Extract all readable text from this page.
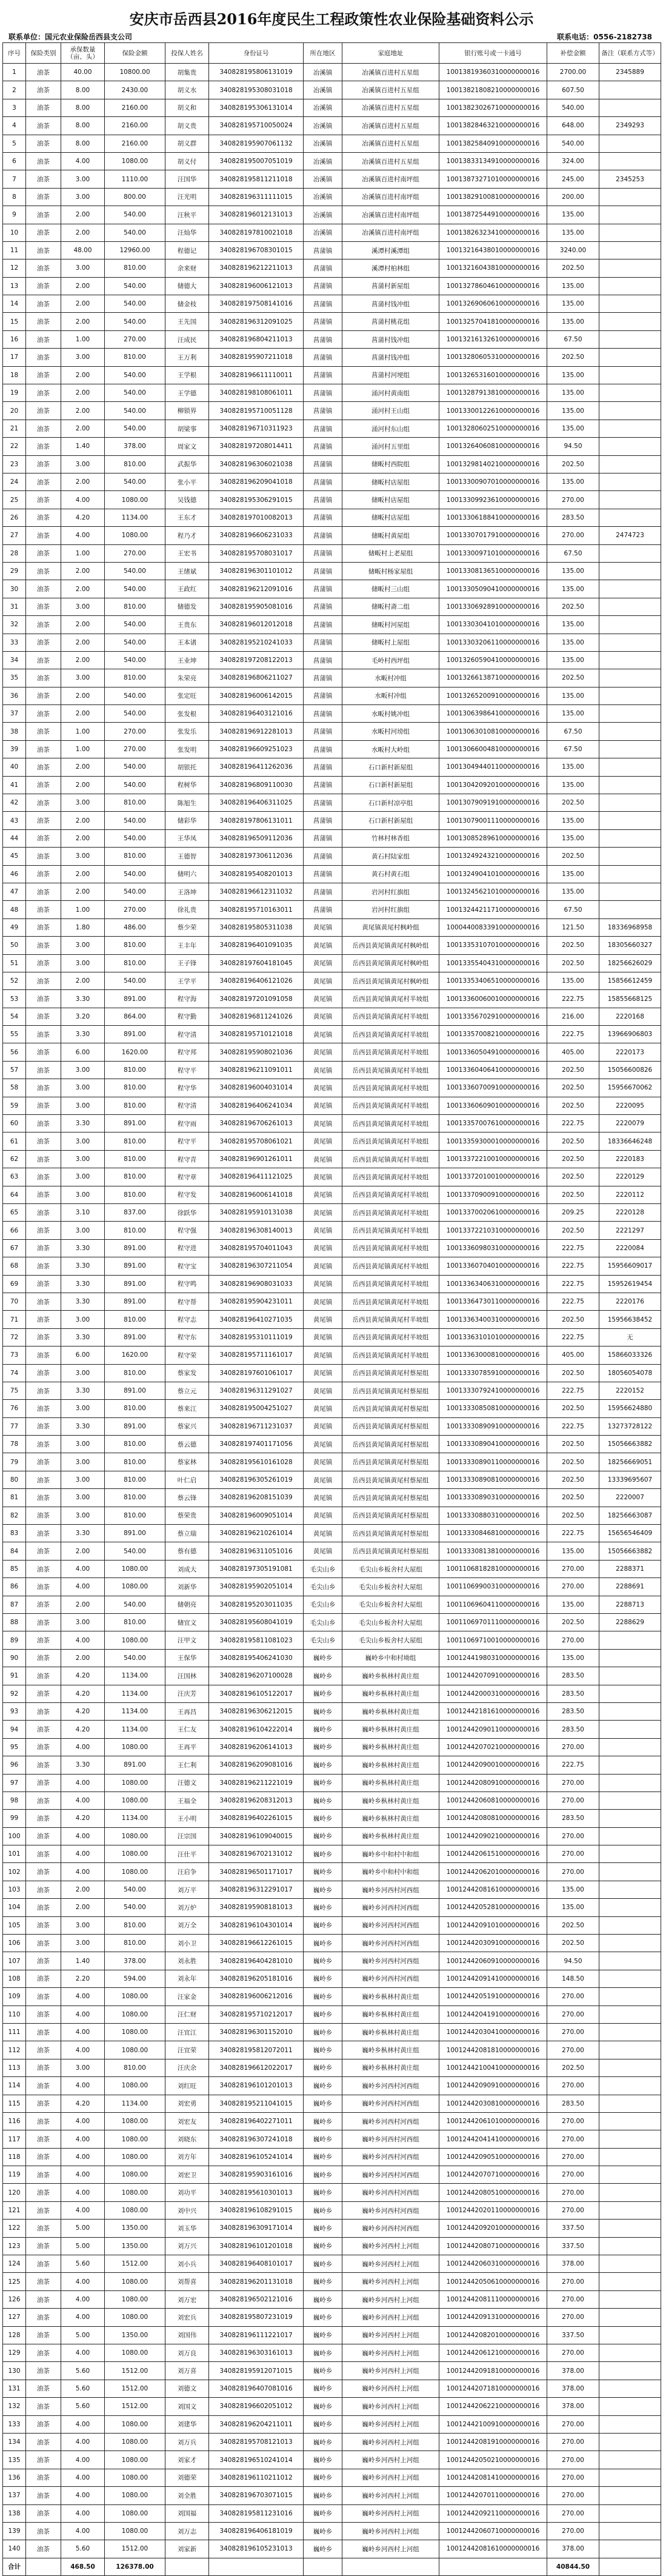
安庆市岳西县2016年度民生工程政策性农业保险基础资料公示
联系单位：国元农业保险岳西县支公司	联系电话：0556-2182738
序号	保险类别	承保数量（亩、头）	保险金额	投保人姓名	身份证号	所在地区	家庭地址	银行账号或一卡通号	补偿金额	备注（联系方式等）
1	油茶	40.00	10800.00	胡集贵	340828195806131019	冶溪镇	冶溪镇百进村五星组	10013819360310000000016	2700.00	2345889
2	油茶	8.00	2430.00	胡义水	340828195308031018	冶溪镇	冶溪镇百进村五星组	10013821808210000000016	607.50	
3	油茶	8.00	2160.00	胡义和	340828195306131014	冶溪镇	冶溪镇百进村五星组	10013823026710000000016	540.00	
4	油茶	8.00	2160.00	胡义贵	340828195710050024	冶溪镇	冶溪镇百进村五星组	10013828463210000000016	648.00	2349293
5	油茶	8.00	2160.00	胡义群	340828195907061132	冶溪镇	冶溪镇百进村五星组	10013825840910000000016	540.00	
6	油茶	4.00	1080.00	胡义付	340828195007051019	冶溪镇	冶溪镇百进村五星组	10013833134910000000016	324.00	
7	油茶	3.00	1110.00	汪国华	340828195811211018	冶溪镇	冶溪镇百进村南坪组	10013873271010000000016	245.00	2345253
8	油茶	3.00	800.00	汪光明	340828196311111015	冶溪镇	冶溪镇百进村南坪组	10013829100810000000016	200.00	
9	油茶	2.00	540.00	汪秋平	340828196012131013	冶溪镇	冶溪镇百进村南坪组	10013872544910000000016	135.00	
10	油茶	2.00	540.00	汪灿华	340828197810021018	冶溪镇	冶溪镇百进村南坪组	10013826323410000000016	135.00	
11	油茶	48.00	12960.00	程德记	340828196708301015	菖蒲镇	溪潭村溪潭组	10013216438010000000016	3240.00	
12	油茶	3.00	810.00	余来财	340828196212211013	菖蒲镇	溪潭村柏林组	10013216043810000000016	202.50	
13	油茶	2.00	540.00	储德大	340828196006121013	菖蒲镇	菖蒲村新屋组	10013278604610000000016	135.00	
14	油茶	2.00	540.00	储金枝	340828197508141016	菖蒲镇	菖蒲村钱冲组	10013269060610000000016	135.00	
15	油茶	2.00	540.00	王先国	340828196312091025	菖蒲镇	菖蒲村桃花组	10013257041810000000016	135.00	
16	油茶	1.00	270.00	汪成民	340828196804211013	菖蒲镇	菖蒲村钱冲组	10013216132610000000016	67.50	
17	油茶	3.00	810.00	王万利	340828195907211018	菖蒲镇	菖蒲村钱冲组	10013280605310000000016	202.50	
18	油茶	2.00	540.00	王学根	340828196611110011	菖蒲镇	菖蒲村河埂组	10013265316010000000016	135.00	
19	油茶	2.00	540.00	王学德	340828198108061011	菖蒲镇	涌河村黄南组	10013287913810000000016	135.00	
20	油茶	2.00	540.00	柳锁界	340828195710051128	菖蒲镇	涌河村王山组	10013300122610000000016	135.00	
21	油茶	2.00	540.00	胡梁事	340828196710311923	菖蒲镇	涌河村东山组	10013280602510000000016	135.00	
22	油茶	1.40	378.00	周家文	340828197208014411	菖蒲镇	涌河村五里组	10013264060810000000016	94.50	
23	油茶	3.00	810.00	武振华	340828196306021038	菖蒲镇	储畈村西院组	10013298140210000000016	202.50	
24	油茶	2.00	540.00	张小平	340828196209041018	菖蒲镇	储畈村店屋组	10013300907010000000016	135.00	
25	油茶	4.00	1080.00	吴钱德	340828195306291015	菖蒲镇	储畈村店屋组	10013309923610000000016	270.00	
26	油茶	4.20	1134.00	王东才	340828197010082013	菖蒲镇	储畈村店屋组	10013306188410000000016	283.50	
27	油茶	4.00	1080.00	程乃才	340828196606231033	菖蒲镇	储畈村黄屋组	10013307017910000000016	270.00	2474723
28	油茶	1.00	270.00	王宏书	340828195708031017	菖蒲镇	储畈村上老屋组	10013300971010000000016	67.50	
29	油茶	2.00	540.00	王绪斌	340828196301101012	菖蒲镇	储畈村杨家屋组	10013308136510000000016	135.00	
30	油茶	2.00	540.00	王政红	340828196212091016	菖蒲镇	储畈村三山组	10013305090410000000016	135.00	
31	油茶	3.00	810.00	储德发	340828195905081016	菖蒲镇	储畈村斋二组	10013306928910000000016	202.50	
32	油茶	2.00	540.00	王贵东	340828196012012018	菖蒲镇	储畈村河屋组	10013303041010000000016	135.00	
33	油茶	2.00	540.00	王本诸	340828195210241033	菖蒲镇	储畈村上屋组	10013303206110000000016	135.00	
34	油茶	2.00	540.00	王业坤	340828197208122013	菖蒲镇	毛岭村西坪组	10013260590410000000016	135.00	
35	油茶	3.00	810.00	朱荣亮	340828196806211027	菖蒲镇	水畈村冲组	10013266138710000000016	202.50	
36	油茶	2.00	540.00	张定旺	340828196006142015	菖蒲镇	水畈村冲组	10013265200910000000016	135.00	
37	油茶	2.00	540.00	张发根	340828196403121016	菖蒲镇	水畈村姚冲组	10013063986410000000016	135.00	
38	油茶	1.00	270.00	张发乐	340828196912281013	菖蒲镇	水畈村河塝组	10013063010810000000016	67.50	
39	油茶	1.00	270.00	张发明	340828196609251023	菖蒲镇	水畈村大岭组	10013066004810000000016	67.50	
40	油茶	2.00	540.00	胡银托	340828196411262036	菖蒲镇	石口新村新屋组	10013049440110000000016	135.00	
41	油茶	2.00	540.00	程树华	340828196809110030	菖蒲镇	石口新村新屋组	10013042092010000000016	135.00	
42	油茶	3.00	810.00	陈旭生	340828196406311025	菖蒲镇	石口新村凉亭组	10013079091910000000016	202.50	
43	油茶	2.00	540.00	储彩华	340828197806131011	菖蒲镇	石口新村新屋组	10013079001110000000016	135.00	
44	油茶	2.00	540.00	王华凤	340828196509112036	菖蒲镇	竹林村林香组	10013085289610000000016	135.00	
45	油茶	3.00	810.00	王德智	340828197306112036	菖蒲镇	黄石村陆家组	10013249243210000000016	202.50	
46	油茶	2.00	540.00	储明六	340828195408201013	菖蒲镇	黄石村黄石组	10013249041010000000016	135.00	
47	油茶	2.00	540.00	王洛坤	340828196612311032	菖蒲镇	岩河村红旗组	10013245621010000000016	135.00	
48	油茶	1.00	270.00	徐礼贵	340828195710163011	菖蒲镇	岩河村红旗组	10013244211710000000016	67.50	
49	油茶	1.80	486.00	蔡少荣	340828195805311038	黄尾镇	黄尾镇黄尾村枫岭组	10004400833910000000016	121.50	18336968958
50	油茶	3.00	810.00	王丰年	340828196401091035	黄尾镇	岳西县黄尾镇黄尾村枫岭组	10013353107010000000016	202.50	18305660327
51	油茶	3.00	810.00	王子锋	340828197604181045	黄尾镇	岳西县黄尾镇黄尾村枫岭组	10013355404310000000016	202.50	18256626029
52	油茶	2.00	540.00	王学平	340828196406121026	黄尾镇	岳西县黄尾镇黄尾村枫岭组	10013353406510000000016	135.00	15856612459
53	油茶	3.30	891.00	程守海	340828197201091058	黄尾镇	岳西县黄尾镇黄尾村半坡组	10013360060010000000016	222.75	15855668125
54	油茶	3.20	864.00	程守勤	340828196811241026	黄尾镇	岳西县黄尾镇黄尾村半坡组	10013356702910000000016	216.00	2220168
55	油茶	3.30	891.00	程守清	340828195710121018	黄尾镇	岳西县黄尾镇黄尾村半坡组	10013357008210000000016	222.75	13966906803
56	油茶	6.00	1620.00	程守邦	340828195908021036	黄尾镇	岳西县黄尾镇黄尾村半坡组	10013360504910000000016	405.00	2220173
57	油茶	3.00	810.00	程守平	340828196211091011	黄尾镇	岳西县黄尾镇黄尾村半坡组	10013360406410000000016	202.50	15056600826
58	油茶	3.00	810.00	程守华	340828196004031014	黄尾镇	岳西县黄尾镇黄尾村半坡组	10013360700910000000016	202.50	15956670062
59	油茶	3.00	810.00	程守清	340828196406241034	黄尾镇	岳西县黄尾镇黄尾村半坡组	10013360609010000000016	202.50	2220095
60	油茶	3.30	891.00	程守雨	340828196706261013	黄尾镇	岳西县黄尾镇黄尾村半坡组	10013357007610000000016	222.75	2220079
61	油茶	3.00	810.00	程守平	340828195708061021	黄尾镇	岳西县黄尾镇黄尾村半坡组	10013359300010000000016	202.50	18336646248
62	油茶	3.00	810.00	程守青	340828196901261011	黄尾镇	岳西县黄尾镇黄尾村半坡组	10013372210010000000016	202.50	2220183
63	油茶	3.00	810.00	程守章	340828196411121025	黄尾镇	岳西县黄尾镇黄尾村半坡组	10013372010010000000016	202.50	2220129
64	油茶	3.00	810.00	程守发	340828196006141018	黄尾镇	岳西县黄尾镇黄尾村半坡组	10013370900910000000016	202.50	2220112
65	油茶	3.10	837.00	徐跃华	340828195910131038	黄尾镇	岳西县黄尾镇黄尾村半坡组	10013370020610000000016	209.25	2220128
66	油茶	3.00	810.00	程守强	340828196308140013	黄尾镇	岳西县黄尾镇黄尾村半坡组	10013372210310000000016	202.50	2221297
67	油茶	3.30	891.00	程守进	340828195704011043	黄尾镇	岳西县黄尾镇黄尾村半坡组	10013360980310000000016	222.75	2220084
68	油茶	3.30	891.00	程守宝	340828196307211054	黄尾镇	岳西县黄尾镇黄尾村半坡组	10013360704010000000016	222.75	15956609017
69	油茶	3.30	891.00	程守鸣	340828196908031033	黄尾镇	岳西县黄尾镇黄尾村半坡组	10013363406310000000016	222.75	15952619454
70	油茶	3.30	891.00	程守帮	340828195904231011	黄尾镇	岳西县黄尾镇黄尾村半坡组	10013364730110000000016	222.75	2220176
71	油茶	3.00	810.00	程守志	340828196410271035	黄尾镇	岳西县黄尾镇黄尾村半坡组	10013363400310000000016	202.50	15956638452
72	油茶	3.30	891.00	程守东	340828195310111019	黄尾镇	岳西县黄尾镇黄尾村半坡组	10013363101010000000016	222.75	无
73	油茶	6.00	1620.00	程守荣	340828195711161017	黄尾镇	岳西县黄尾镇黄尾村半坡组	10013363000810000000016	405.00	15866033326
74	油茶	3.00	810.00	蔡家发	340828197601061017	黄尾镇	岳西县黄尾镇黄尾村蔡屋组	10013330785910000000016	202.50	18056054078
75	油茶	3.30	891.00	蔡立元	340828196311291027	黄尾镇	岳西县黄尾镇黄尾村蔡屋组	10013330792410000000016	222.75	2220152
76	油茶	3.00	810.00	蔡来江	340828195004251027	黄尾镇	岳西县黄尾镇黄尾村蔡屋组	10013330850810000000016	202.50	15956624880
77	油茶	3.30	891.00	蔡家兴	340828196711231037	黄尾镇	岳西县黄尾镇黄尾村蔡屋组	10013330890910000000016	222.75	13273728122
78	油茶	3.00	810.00	蔡云德	340828197401171056	黄尾镇	岳西县黄尾镇黄尾村蔡屋组	10013330890410000000016	202.50	15056663882
79	油茶	3.00	810.00	蔡家林	340828195610161028	黄尾镇	岳西县黄尾镇黄尾村蔡屋组	10013330890110000000016	202.50	18256669051
80	油茶	3.00	810.00	叶仁启	340828196305261019	黄尾镇	岳西县黄尾镇黄尾村蔡屋组	10013330890810000000016	202.50	13339695607
81	油茶	3.00	810.00	蔡云锋	340828196208151039	黄尾镇	岳西县黄尾镇黄尾村蔡屋组	10013330890310000000016	202.50	2220007
82	油茶	3.00	810.00	蔡荣贵	340828196009051014	黄尾镇	岳西县黄尾镇黄尾村蔡屋组	10013330880310000000016	202.50	18256663087
83	油茶	3.30	891.00	蔡立瑞	340828196210261014	黄尾镇	岳西县黄尾镇黄尾村蔡屋组	10013330846810000000016	222.75	15656546409
84	油茶	2.00	540.00	蔡有德	340828196311051016	黄尾镇	岳西县黄尾镇黄尾村蔡屋组	10013330813810000000016	135.00	15056663882
85	油茶	4.00	1080.00	刘成大	340828197305191081	毛尖山乡	毛尖山乡板舍村大屋组	10011068182810000000016	270.00	2288371
86	油茶	4.00	1080.00	刘新华	340828195902051014	毛尖山乡	毛尖山乡板舍村大屋组	10011069900310000000016	270.00	2288691
87	油茶	2.00	540.00	储朝亮	340828195203011035	毛尖山乡	毛尖山乡板舍村大屋组	10011069604110000000016	135.00	2288713
88	油茶	3.00	810.00	储宜文	340828195608041019	毛尖山乡	毛尖山乡板舍村大屋组	10011069701110000000016	202.50	2288629
89	油茶	4.00	1080.00	汪甲文	340828195811081023	毛尖山乡	毛尖山乡板舍村大屋组	10011069710010000000016	270.00	
90	油茶	2.00	540.00	王保华	340828195406241030	巍岭乡	巍岭乡中和村坳组	10012441980310000000016	135.00	
91	油茶	4.20	1134.00	汪国林	340828196207100028	巍岭乡	巍岭乡枞林村黄庄组	10012442070910000000016	283.50	
92	油茶	4.20	1134.00	汪庆芳	340828196105122017	巍岭乡	巍岭乡枞林村黄庄组	10012442000310000000016	283.50	
93	油茶	4.20	1134.00	王再昌	340828196306212015	巍岭乡	巍岭乡枞林村黄庄组	10012442181610000000016	283.50	
94	油茶	4.20	1134.00	王仁友	340828196104222014	巍岭乡	巍岭乡枞林村黄庄组	10012442090110000000016	283.50	
95	油茶	4.00	1080.00	王再平	340828196206141013	巍岭乡	巍岭乡枞林村黄庄组	10012442070210000000016	270.00	
96	油茶	3.30	891.00	王仁利	340828196209081016	巍岭乡	巍岭乡枞林村黄庄组	10012442090010000000016	222.75	
97	油茶	4.00	1080.00	汪德文	340828196211221019	巍岭乡	巍岭乡枞林村黄庄组	10012442080910000000016	270.00	
98	油茶	4.00	1080.00	王福全	340828196208312013	巍岭乡	巍岭乡枞林村黄庄组	10012442060810000000016	270.00	
99	油茶	4.20	1134.00	王小明	340828196402261015	巍岭乡	巍岭乡枞林村黄庄组	10012442080810000000016	283.50	
100	油茶	4.00	1080.00	汪宗国	340828196109040015	巍岭乡	巍岭乡枞林村黄庄组	10012442090210000000016	270.00	
101	油茶	4.00	1080.00	汪仕平	340828196702131012	巍岭乡	巍岭乡中和村中和组	10012442061510000000016	270.00	
102	油茶	4.00	1080.00	汪启争	340828196501171017	巍岭乡	巍岭乡中和村中和组	10012442062010000000016	270.00	
103	油茶	2.00	540.00	刘万平	340828196312291017	巍岭乡	巍岭乡河西村河西组	10012442081610000000016	135.00	
104	油茶	2.00	540.00	刘万炉	340828195908181013	巍岭乡	巍岭乡河西村河西组	10012442052810000000016	135.00	
105	油茶	3.00	810.00	刘万全	340828196104301014	巍岭乡	巍岭乡河西村河西组	10012442091010000000016	202.50	
106	油茶	3.00	810.00	刘小卫	340828196612261015	巍岭乡	巍岭乡河西村河西组	10012442030910000000016	202.50	
107	油茶	1.40	378.00	刘永胜	340828196404281010	巍岭乡	巍岭乡河西村河西组	10012442060910000000016	94.50	
108	油茶	2.20	594.00	刘永年	340828196205181016	巍岭乡	巍岭乡河西村河西组	10012442091410000000016	148.50	
109	油茶	4.00	1080.00	汪家金	340828196006212016	巍岭乡	巍岭乡枞林村黄庄组	10012442051910000000016	270.00	
110	油茶	4.00	1080.00	汪仁财	340828195710212017	巍岭乡	巍岭乡枞林村黄庄组	10012442041910000000016	270.00	
111	油茶	4.00	1080.00	汪宜江	340828196301152010	巍岭乡	巍岭乡枞林村黄庄组	10012442030410000000016	270.00	
112	油茶	4.00	1080.00	汪宜荣	340828195812072011	巍岭乡	巍岭乡枞林村黄庄组	10012442081810000000016	270.00	
113	油茶	3.00	810.00	汪庆余	340828196612022017	巍岭乡	巍岭乡枞林村黄庄组	10012442100410000000016	202.50	
114	油茶	4.00	1080.00	刘红旺	340828196101201013	巍岭乡	巍岭乡河西村河西组	10012442090910000000016	270.00	
115	油茶	4.20	1134.00	刘宏勇	340828195211041015	巍岭乡	巍岭乡河西村河西组	10012442030810000000016	283.50	
116	油茶	4.00	1080.00	刘宏友	340828196402271011	巍岭乡	巍岭乡河西村河西组	10012442061010000000016	270.00	
117	油茶	4.00	1080.00	刘晓东	340828196307241018	巍岭乡	巍岭乡河西村河西组	10012442041410000000016	270.00	
118	油茶	4.00	1080.00	刘方年	340828196105241014	巍岭乡	巍岭乡河西村河西组	10012442090510000000016	270.00	
119	油茶	4.00	1080.00	刘宏卫	340828195903161016	巍岭乡	巍岭乡河西村河西组	10012442070710000000016	270.00	
120	油茶	4.00	1080.00	刘功平	340828195610301013	巍岭乡	巍岭乡河西村河西组	10012442080510000000016	270.00	
121	油茶	4.00	1080.00	刘中兴	340828196108291015	巍岭乡	巍岭乡河西村河西组	10012442020110000000016	270.00	
122	油茶	5.00	1350.00	刘玉华	340828196309171014	巍岭乡	巍岭乡河西村河西组	10012442092010000000016	337.50	
123	油茶	5.00	1350.00	刘万兴	340828196101201018	巍岭乡	巍岭乡河西村上河组	10012442080710000000016	337.50	
124	油茶	5.60	1512.00	刘小兵	340828196408101017	巍岭乡	巍岭乡河西村上河组	10012442060310000000016	378.00	
125	油茶	4.00	1080.00	刘帮喜	340828196201131018	巍岭乡	巍岭乡河西村上河组	10012442050610000000016	270.00	
126	油茶	4.00	1080.00	刘万宏	340828196502121016	巍岭乡	巍岭乡河西村上河组	10012442081110000000016	270.00	
127	油茶	4.00	1080.00	刘宏兵	340828195807231019	巍岭乡	巍岭乡河西村上河组	10012442091310000000016	270.00	
128	油茶	5.00	1350.00	刘国伟	340828196111221017	巍岭乡	巍岭乡河西村上河组	10012442082010000000016	337.50	
129	油茶	4.00	1080.00	刘万良	340828196303161013	巍岭乡	巍岭乡河西村上河组	10012442061210000000016	270.00	
130	油茶	5.60	1512.00	刘万喜	340828195912071015	巍岭乡	巍岭乡河西村上河组	10012442091810000000016	378.00	
131	油茶	5.60	1512.00	刘德文	340828196407081016	巍岭乡	巍岭乡河西村上河组	10012442071810000000016	378.00	
132	油茶	5.60	1512.00	刘国文	340828196602051012	巍岭乡	巍岭乡河西村上河组	10012442062210000000016	378.00	
133	油茶	4.00	1080.00	刘建华	340828196204211011	巍岭乡	巍岭乡河西村上河组	10012442100910000000016	270.00	
134	油茶	4.00	1080.00	刘万兵	340828195708121013	巍岭乡	巍岭乡河西村上河组	10012442081910000000016	270.00	
135	油茶	4.00	1080.00	刘家才	340828196510241014	巍岭乡	巍岭乡河西村上河组	10012442050210000000016	270.00	
136	油茶	4.00	1080.00	刘德荣	340828196110211012	巍岭乡	巍岭乡河西村上河组	10012442081410000000016	270.00	
137	油茶	4.00	1080.00	刘全胜	340828196703071015	巍岭乡	巍岭乡河西村上河组	10012442070110000000016	270.00	
138	油茶	4.00	1080.00	刘国福	340828195811231016	巍岭乡	巍岭乡河西村上河组	10012442092110000000016	270.00	
139	油茶	4.00	1080.00	刘万志	340828196406181019	巍岭乡	巍岭乡河西村上河组	10012442060710000000016	270.00	
140	油茶	5.60	1512.00	刘家新	340828196105231013	巍岭乡	巍岭乡河西村上河组	10012442081610000000016	378.00	
合计		468.50	126378.00						40844.50	
